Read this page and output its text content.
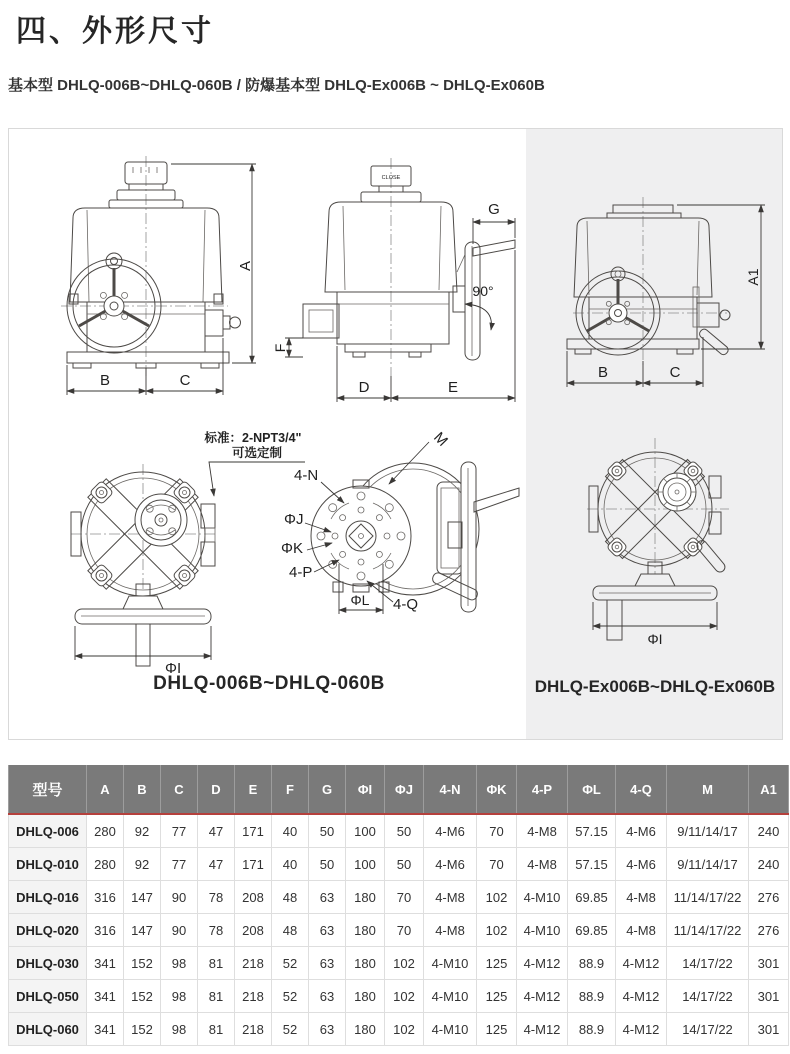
四、外形尺寸
基本型 DHLQ-006B~DHLQ-060B / 防爆基本型 DHLQ-Ex006B ~ DHLQ-Ex060B
A
B	C
CLOSE
G
90°
F
D	E
ΦI
标准：2-NPT3/4"
可选定制
M
4-N
ΦJ
ΦK
4-P
4-Q
ΦL
A1
B	C
ΦI
DHLQ-006B~DHLQ-060B	DHLQ-Ex006B~DHLQ-Ex060B
型号	A	B	C	D	E	F	G	ΦI	ΦJ	4-N	ΦK	4-P	ΦL	4-Q	M	A1
DHLQ-006	280	92	77	47	171	40	50	100	50	4-M6	70	4-M8	57.15	4-M6	9/11/14/17	240
DHLQ-010	280	92	77	47	171	40	50	100	50	4-M6	70	4-M8	57.15	4-M6	9/11/14/17	240
DHLQ-016	316	147	90	78	208	48	63	180	70	4-M8	102	4-M10	69.85	4-M8	11/14/17/22	276
DHLQ-020	316	147	90	78	208	48	63	180	70	4-M8	102	4-M10	69.85	4-M8	11/14/17/22	276
DHLQ-030	341	152	98	81	218	52	63	180	102	4-M10	125	4-M12	88.9	4-M12	14/17/22	301
DHLQ-050	341	152	98	81	218	52	63	180	102	4-M10	125	4-M12	88.9	4-M12	14/17/22	301
DHLQ-060	341	152	98	81	218	52	63	180	102	4-M10	125	4-M12	88.9	4-M12	14/17/22	301
